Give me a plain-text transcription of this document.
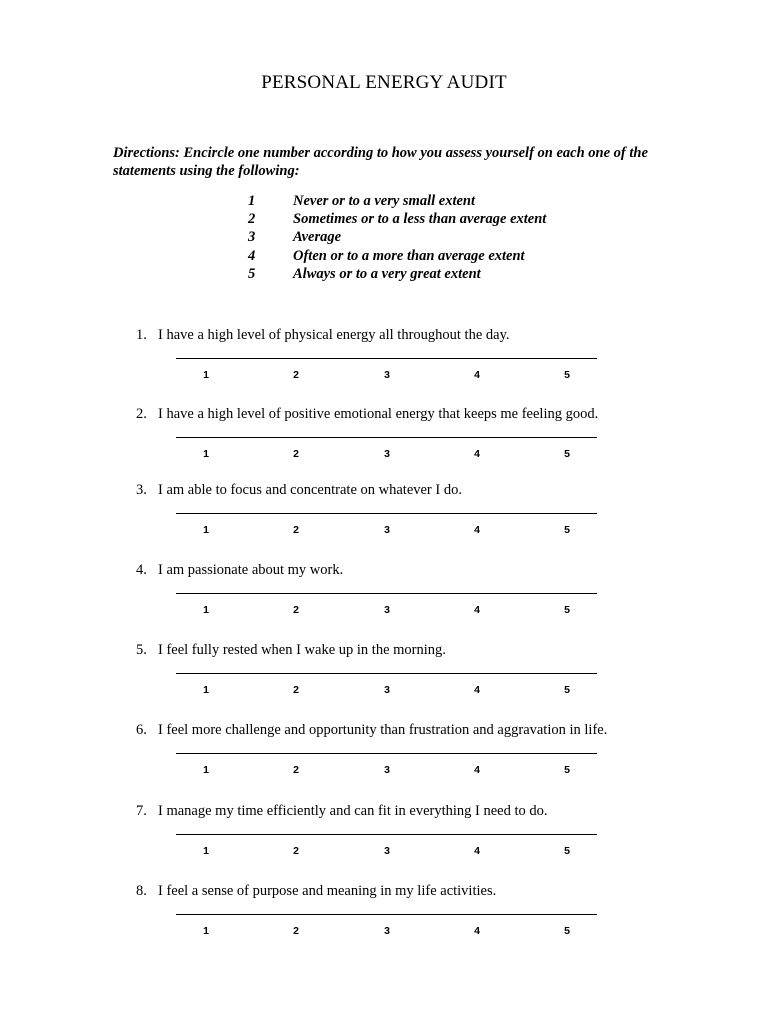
PERSONAL ENERGY AUDIT
Directions: Encircle one number according to how you assess yourself on each one of the statements using the following:
1	Never or to a very small extent
2	Sometimes or to a less than average extent
3	Average
4	Often or to a more than average extent
5	Always or to a very great extent
1. I have a high level of physical energy all throughout the day.
1	2	3	4	5
2. I have a high level of positive emotional energy that keeps me feeling good.
1	2	3	4	5
3. I am able to focus and concentrate on whatever I do.
1	2	3	4	5
4. I am passionate about my work.
1	2	3	4	5
5. I feel fully rested when I wake up in the morning.
1	2	3	4	5
6. I feel more challenge and opportunity than frustration and aggravation in life.
1	2	3	4	5
7. I manage my time efficiently and can fit in everything I need to do.
1	2	3	4	5
8. I feel a sense of purpose and meaning in my life activities.
1	2	3	4	5
